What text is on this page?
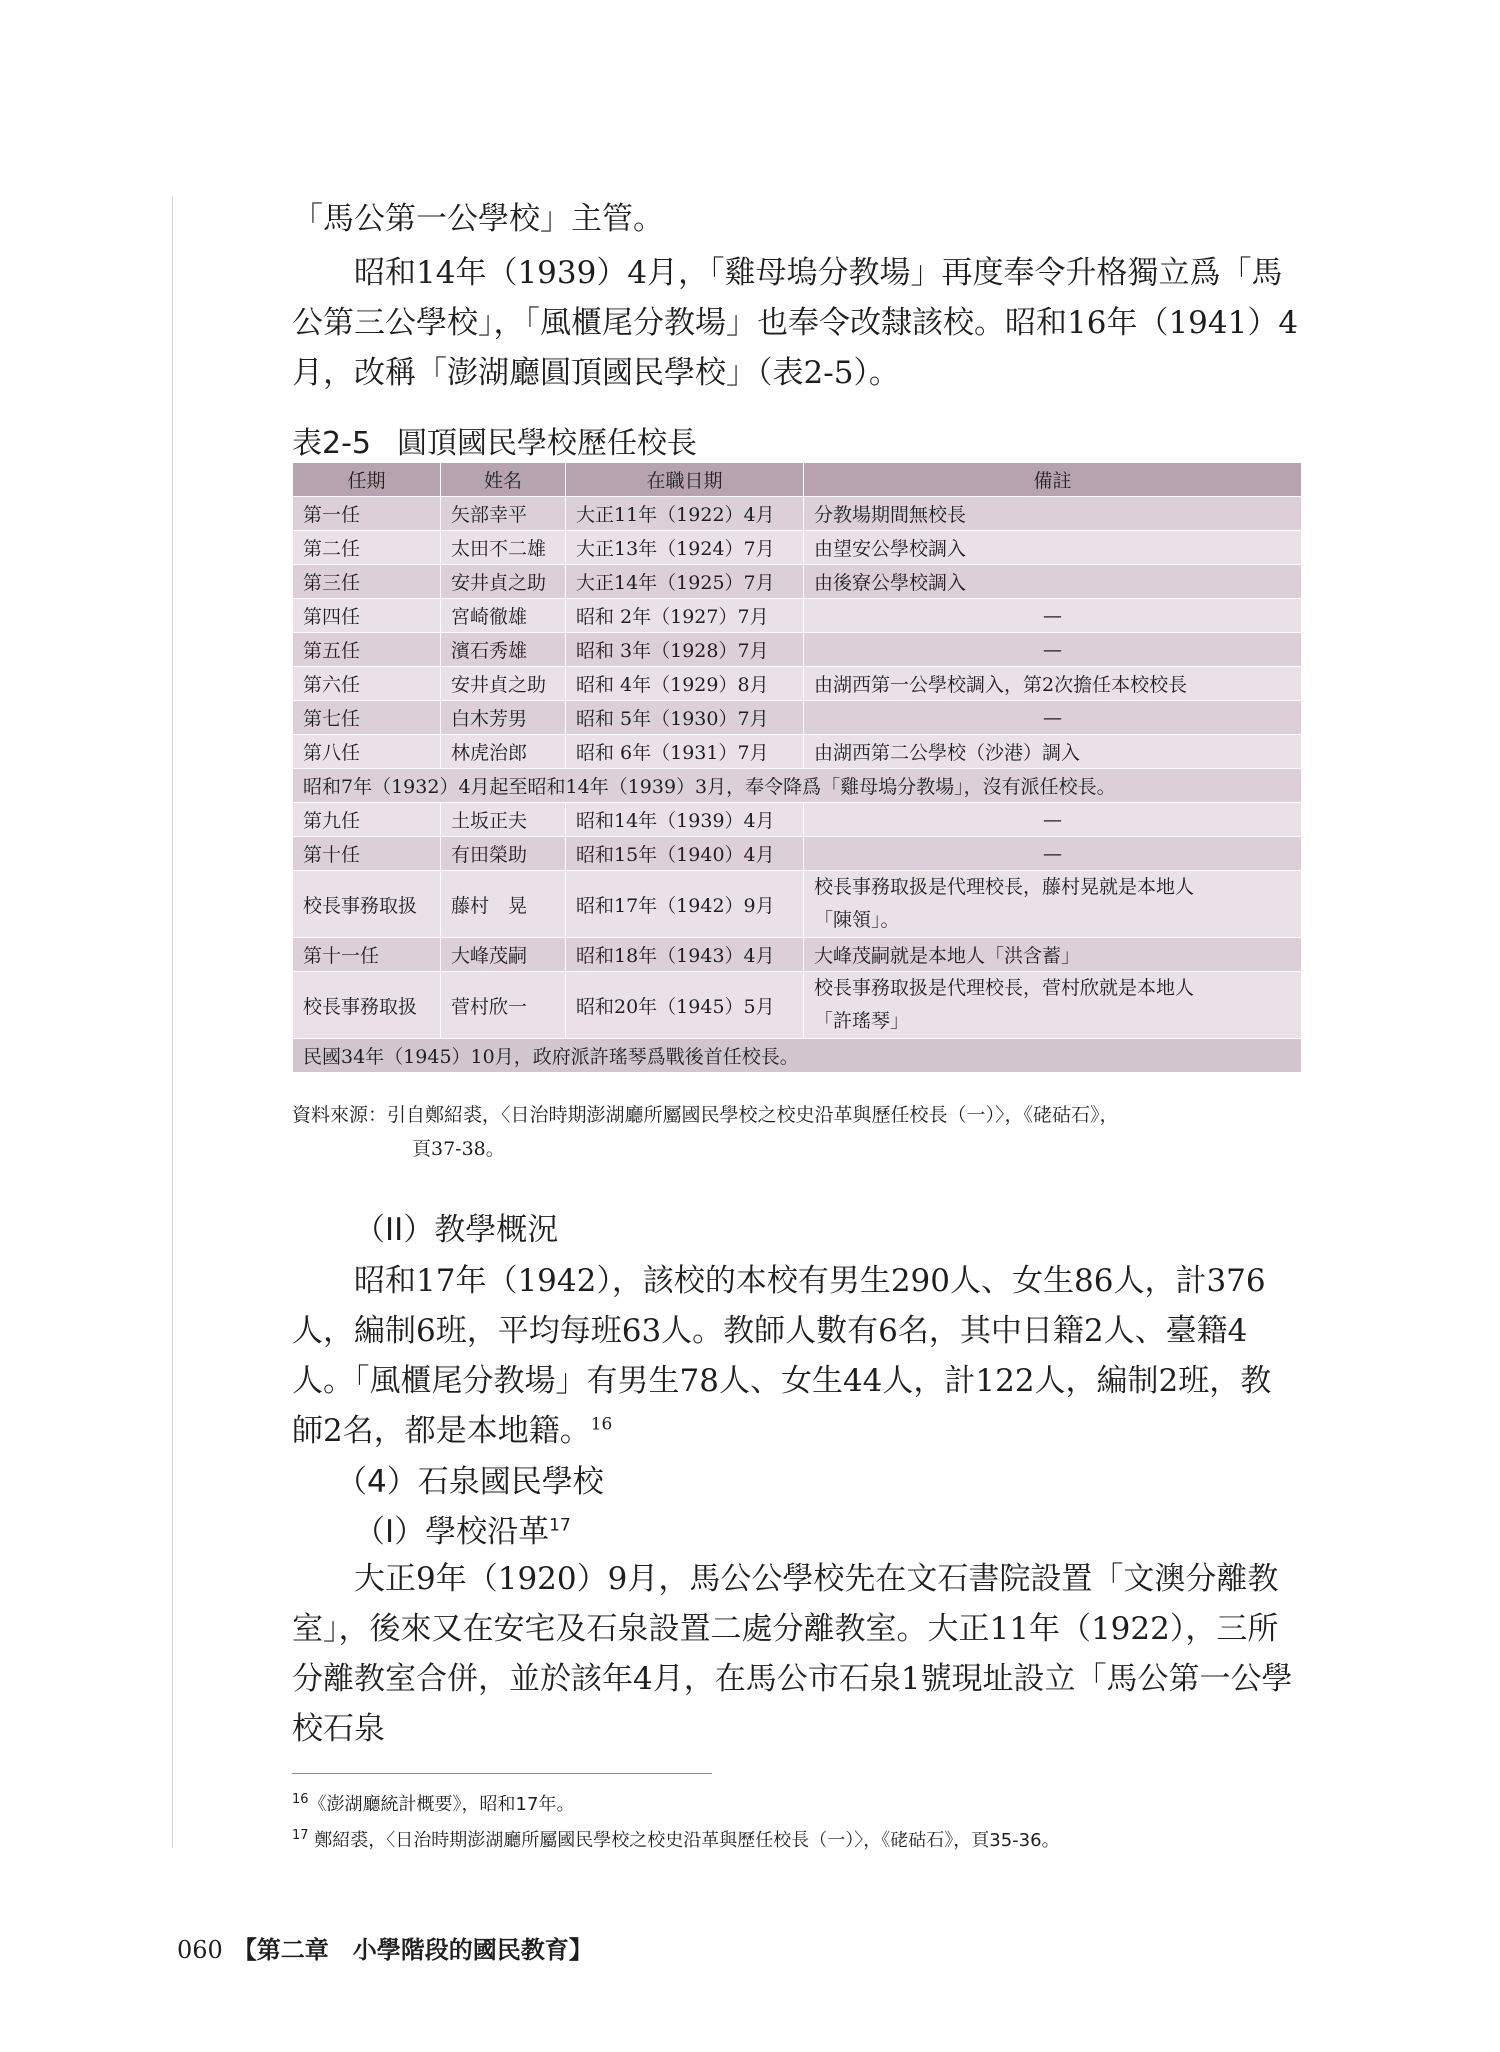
「馬公第一公學校」主管。

昭和14年（1939）4月，「雞母塢分教場」再度奉令升格獨立爲「馬公第三公學校」，「風櫃尾分教場」也奉令改隸該校。昭和16年（1941）4月，改稱「澎湖廳圓頂國民學校」（表2-5）。

表2-5 圓頂國民學校歷任校長
任期	姓名	在職日期	備註
第一任	矢部幸平	大正11年（1922）4月	分教場期間無校長
第二任	太田不二雄	大正13年（1924）7月	由望安公學校調入
第三任	安井貞之助	大正14年（1925）7月	由後寮公學校調入
第四任	宮崎徹雄	昭和 2年（1927）7月	—
第五任	濱石秀雄	昭和 3年（1928）7月	—
第六任	安井貞之助	昭和 4年（1929）8月	由湖西第一公學校調入，第2次擔任本校校長
第七任	白木芳男	昭和 5年（1930）7月	—
第八任	林虎治郎	昭和 6年（1931）7月	由湖西第二公學校（沙港）調入
昭和7年（1932）4月起至昭和14年（1939）3月，奉令降爲「雞母塢分教場」，沒有派任校長。			
第九任	土坂正夫	昭和14年（1939）4月	—
第十任	有田榮助	昭和15年（1940）4月	—
校長事務取扱	藤村　晃	昭和17年（1942）9月	校長事務取扱是代理校長，藤村晃就是本地人
「陳領」。

第十一任	大峰茂嗣	昭和18年（1943）4月	大峰茂嗣就是本地人「洪含蓄」
校長事務取扱	菅村欣一	昭和20年（1945）5月	校長事務取扱是代理校長，菅村欣就是本地人
「許瑤琴」

民國34年（1945）10月，政府派許瑤琴爲戰後首任校長。			
資料來源：引自鄭紹裘，〈日治時期澎湖廳所屬國民學校之校史沿革與歷任校長（一）〉，《硓𥑮石》，
頁37-38。
（II）教學概況

昭和17年（1942），該校的本校有男生290人、女生86人，計376人，編制6班，平均每班63人。教師人數有6名，其中日籍2人、臺籍4人。「風櫃尾分教場」有男生78人、女生44人，計122人，編制2班，教師2名，都是本地籍。$^{16}$

（4）石泉國民學校
（I）學校沿革$^{17}$

大正9年（1920）9月，馬公公學校先在文石書院設置「文澳分離教室」，後來又在安宅及石泉設置二處分離教室。大正11年（1922），三所分離教室合併，並於該年4月，在馬公市石泉1號現址設立「馬公第一公學校石泉

$^{16}$《澎湖廳統計概要》，昭和17年。
$^{17}$ 鄭紹裘，〈日治時期澎湖廳所屬國民學校之校史沿革與歷任校長（一）〉，《硓𥑮石》，頁35-36。
060 【第二章　小學階段的國民教育】
